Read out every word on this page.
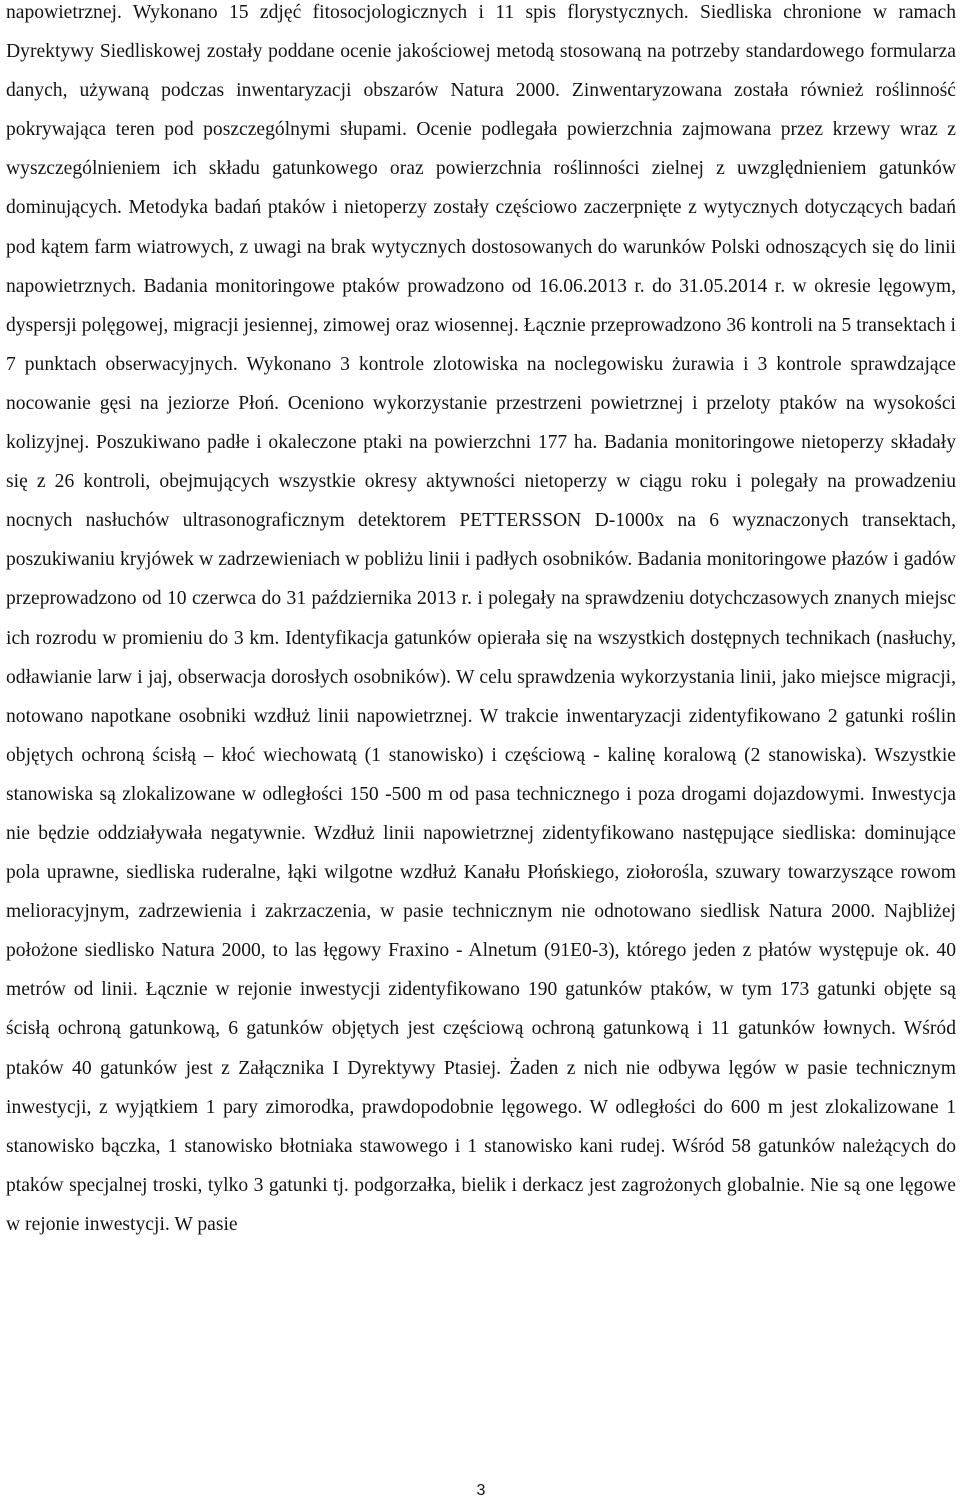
napowietrznej. Wykonano 15 zdjęć fitosocjologicznych i 11 spis florystycznych. Siedliska chronione w ramach Dyrektywy Siedliskowej zostały poddane ocenie jakościowej metodą stosowaną na potrzeby standardowego formularza danych, używaną podczas inwentaryzacji obszarów Natura 2000. Zinwentaryzowana została również roślinność pokrywająca teren pod poszczególnymi słupami. Ocenie podlegała powierzchnia zajmowana przez krzewy wraz z wyszczególnieniem ich składu gatunkowego oraz powierzchnia roślinności zielnej z uwzględnieniem gatunków dominujących. Metodyka badań ptaków i nietoperzy zostały częściowo zaczerpnięte z wytycznych dotyczących badań pod kątem farm wiatrowych, z uwagi na brak wytycznych dostosowanych do warunków Polski odnoszących się do linii napowietrznych. Badania monitoringowe ptaków prowadzono od 16.06.2013 r. do 31.05.2014 r. w okresie lęgowym, dyspersji polęgowej, migracji jesiennej, zimowej oraz wiosennej. Łącznie przeprowadzono 36 kontroli na 5 transektach i 7 punktach obserwacyjnych. Wykonano 3 kontrole zlotowiska na noclegowisku żurawia i 3 kontrole sprawdzające nocowanie gęsi na jeziorze Płoń. Oceniono wykorzystanie przestrzeni powietrznej i przeloty ptaków na wysokości kolizyjnej. Poszukiwano padłe i okaleczone ptaki na powierzchni 177 ha. Badania monitoringowe nietoperzy składały się z 26 kontroli, obejmujących wszystkie okresy aktywności nietoperzy w ciągu roku i polegały na prowadzeniu nocnych nasłuchów ultrasonograficznym detektorem PETTERSSON D-1000x na 6 wyznaczonych transektach, poszukiwaniu kryjówek w zadrzewieniach w pobliżu linii i padłych osobników. Badania monitoringowe płazów i gadów przeprowadzono od 10 czerwca do 31 października 2013 r. i polegały na sprawdzeniu dotychczasowych znanych miejsc ich rozrodu w promieniu do 3 km. Identyfikacja gatunków opierała się na wszystkich dostępnych technikach (nasłuchy, odławianie larw i jaj, obserwacja dorosłych osobników). W celu sprawdzenia wykorzystania linii, jako miejsce migracji, notowano napotkane osobniki wzdłuż linii napowietrznej. W trakcie inwentaryzacji zidentyfikowano 2 gatunki roślin objętych ochroną ścisłą – kłoć wiechowatą (1 stanowisko) i częściową - kalinę koralową (2 stanowiska). Wszystkie stanowiska są zlokalizowane w odległości 150 -500 m od pasa technicznego i poza drogami dojazdowymi. Inwestycja nie będzie oddziaływała negatywnie. Wzdłuż linii napowietrznej zidentyfikowano następujące siedliska: dominujące pola uprawne, siedliska ruderalne, łąki wilgotne wzdłuż Kanału Płońskiego, ziołorośla, szuwary towarzyszące rowom melioracyjnym, zadrzewienia i zakrzaczenia, w pasie technicznym nie odnotowano siedlisk Natura 2000. Najbliżej położone siedlisko Natura 2000, to las łęgowy Fraxino - Alnetum (91E0-3), którego jeden z płatów występuje ok. 40 metrów od linii. Łącznie w rejonie inwestycji zidentyfikowano 190 gatunków ptaków, w tym 173 gatunki objęte są ścisłą ochroną gatunkową, 6 gatunków objętych jest częściową ochroną gatunkową i 11 gatunków łownych. Wśród ptaków 40 gatunków jest z Załącznika I Dyrektywy Ptasiej. Żaden z nich nie odbywa lęgów w pasie technicznym inwestycji, z wyjątkiem 1 pary zimorodka, prawdopodobnie lęgowego. W odległości do 600 m jest zlokalizowane 1 stanowisko bączka, 1 stanowisko błotniaka stawowego i 1 stanowisko kani rudej. Wśród 58 gatunków należących do ptaków specjalnej troski, tylko 3 gatunki tj. podgorzałka, bielik i derkacz jest zagrożonych globalnie. Nie są one lęgowe w rejonie inwestycji. W pasie

3
